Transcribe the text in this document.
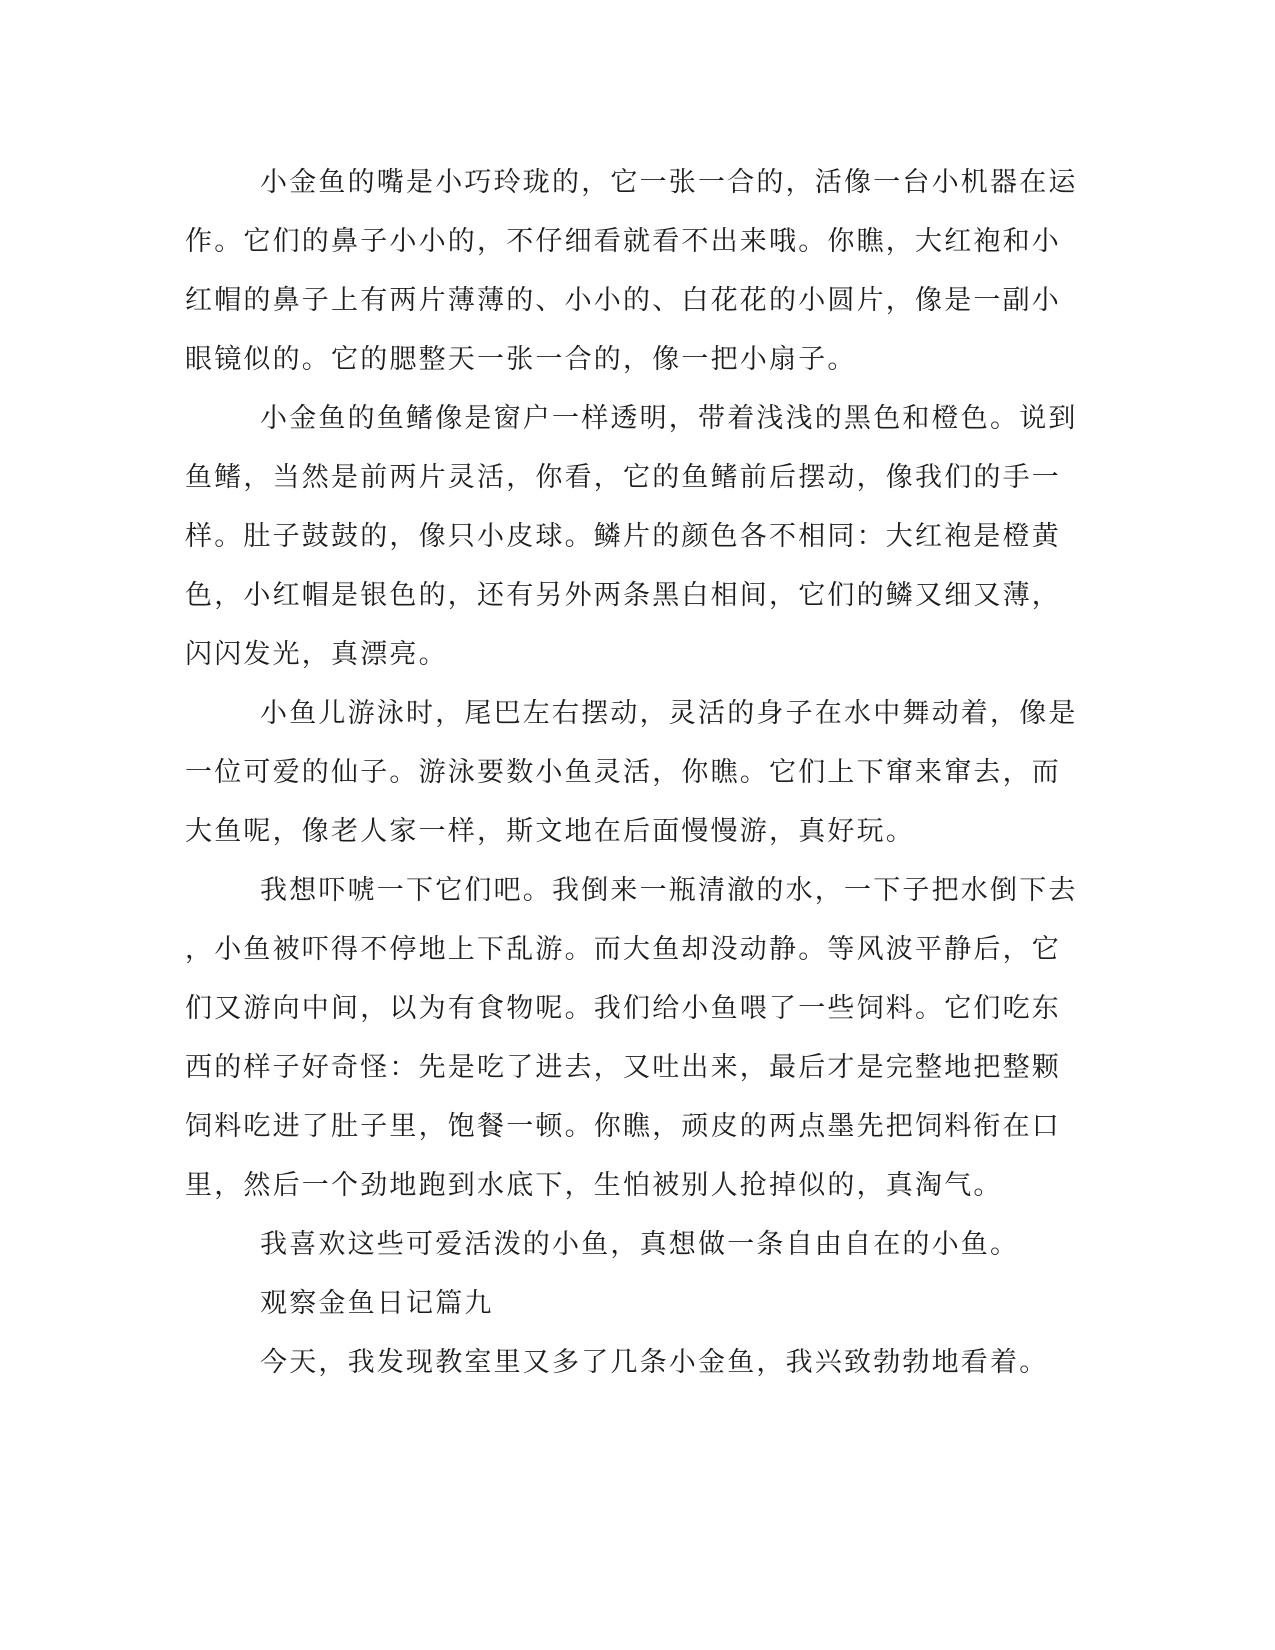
小金鱼的嘴是小巧玲珑的，它一张一合的，活像一台小机器在运

作。它们的鼻子小小的，不仔细看就看不出来哦。你瞧，大红袍和小

红帽的鼻子上有两片薄薄的、小小的、白花花的小圆片，像是一副小

眼镜似的。它的腮整天一张一合的，像一把小扇子。

小金鱼的鱼鳍像是窗户一样透明，带着浅浅的黑色和橙色。说到

鱼鳍，当然是前两片灵活，你看，它的鱼鳍前后摆动，像我们的手一

样。肚子鼓鼓的，像只小皮球。鳞片的颜色各不相同：大红袍是橙黄

色，小红帽是银色的，还有另外两条黑白相间，它们的鳞又细又薄，

闪闪发光，真漂亮。

小鱼儿游泳时，尾巴左右摆动，灵活的身子在水中舞动着，像是

一位可爱的仙子。游泳要数小鱼灵活，你瞧。它们上下窜来窜去，而

大鱼呢，像老人家一样，斯文地在后面慢慢游，真好玩。

我想吓唬一下它们吧。我倒来一瓶清澈的水，一下子把水倒下去

，小鱼被吓得不停地上下乱游。而大鱼却没动静。等风波平静后，它

们又游向中间，以为有食物呢。我们给小鱼喂了一些饲料。它们吃东

西的样子好奇怪：先是吃了进去，又吐出来，最后才是完整地把整颗

饲料吃进了肚子里，饱餐一顿。你瞧，顽皮的两点墨先把饲料衔在口

里，然后一个劲地跑到水底下，生怕被别人抢掉似的，真淘气。

我喜欢这些可爱活泼的小鱼，真想做一条自由自在的小鱼。

观察金鱼日记篇九

今天，我发现教室里又多了几条小金鱼，我兴致勃勃地看着。
